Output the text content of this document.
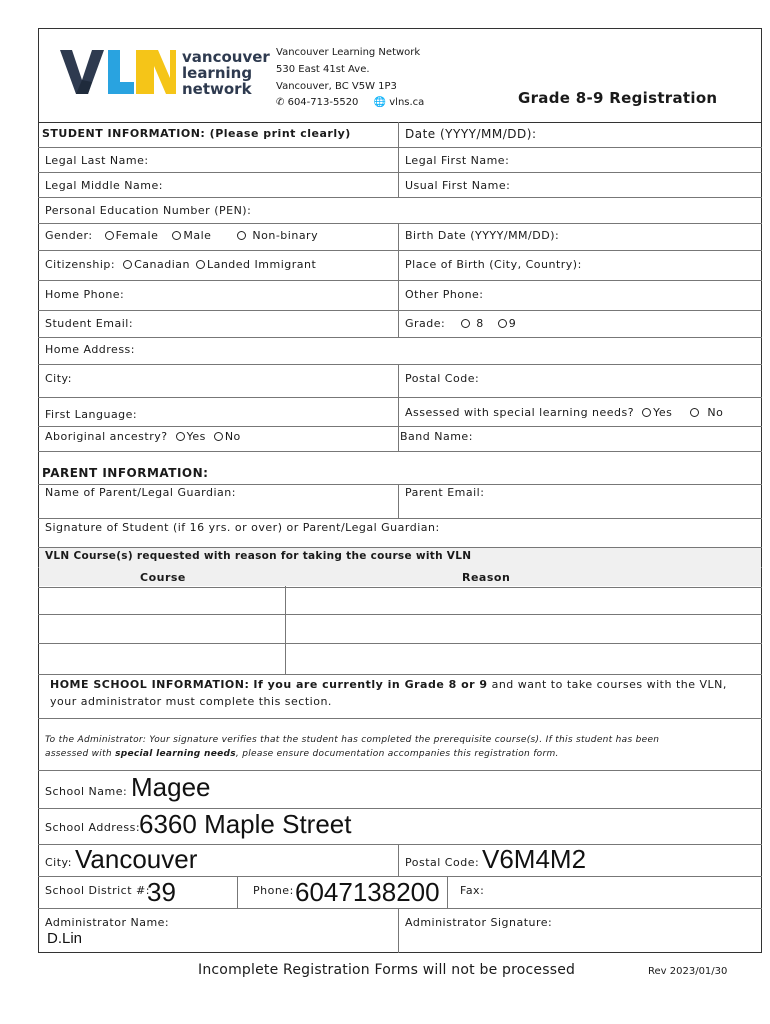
vancouver
learning
network
Vancouver Learning Network
530 East 41st Ave.
Vancouver, BC V5W 1P3
✆ 604-713-5520 🌐 vlns.ca	Grade 8-9 Registration
STUDENT INFORMATION: (Please print clearly)	Date (YYYY/MM/DD):
Legal Last Name:	Legal First Name:
Legal Middle Name:	Usual First Name:
Personal Education Number (PEN):
Gender: Female Male	Non-binary	Birth Date (YYYY/MM/DD):
Citizenship: Canadian Landed Immigrant	Place of Birth (City, Country):
Home Phone:	Other Phone:
Student Email:	Grade:	8 9
Home Address:
City:	Postal Code:
First Language:	Assessed with special learning needs? Yes	No
Aboriginal ancestry? Yes No	Band Name:
PARENT INFORMATION:
Name of Parent/Legal Guardian:	Parent Email:
Signature of Student (if 16 yrs. or over) or Parent/Legal Guardian:
VLN Course(s) requested with reason for taking the course with VLN
Course	Reason
HOME SCHOOL INFORMATION: If you are currently in Grade 8 or 9 and want to take courses with the VLN,
your administrator must complete this section.
To the Administrator: Your signature verifies that the student has completed the prerequisite course(s). If this student has been
assessed with special learning needs, please ensure documentation accompanies this registration form.
School Name: Magee
School Address:
6360 Maple Street
City: Vancouver	Postal Code: V6M4M2
School District #:
39	Phone: 6047138200 Fax:
Administrator Name:
D.Lin
Administrator Signature:
Incomplete Registration Forms will not be processed	Rev 2023/01/30
